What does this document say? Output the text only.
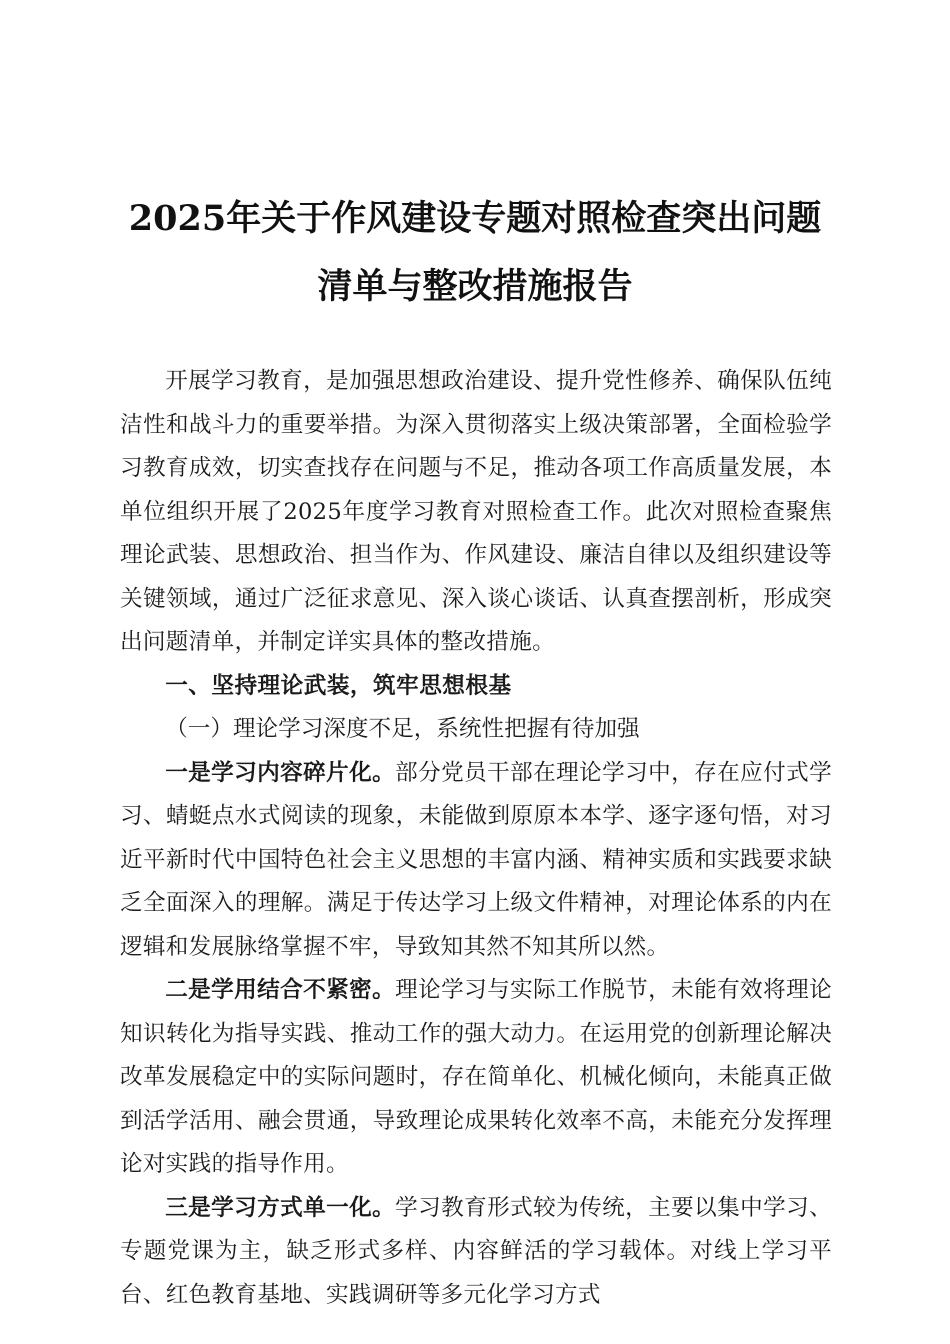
2025年关于作风建设专题对照检查突出问题
清单与整改措施报告

开展学习教育，是加强思想政治建设、提升党性修养、确保队伍纯洁性和战斗力的重要举措。为深入贯彻落实上级决策部署，全面检验学习教育成效，切实查找存在问题与不足，推动各项工作高质量发展，本单位组织开展了2025年度学习教育对照检查工作。此次对照检查聚焦理论武装、思想政治、担当作为、作风建设、廉洁自律以及组织建设等关键领域，通过广泛征求意见、深入谈心谈话、认真查摆剖析，形成突出问题清单，并制定详实具体的整改措施。

一、坚持理论武装，筑牢思想根基

（一）理论学习深度不足，系统性把握有待加强

一是学习内容碎片化。部分党员干部在理论学习中，存在应付式学习、蜻蜓点水式阅读的现象，未能做到原原本本学、逐字逐句悟，对习近平新时代中国特色社会主义思想的丰富内涵、精神实质和实践要求缺乏全面深入的理解。满足于传达学习上级文件精神，对理论体系的内在逻辑和发展脉络掌握不牢，导致知其然不知其所以然。

二是学用结合不紧密。理论学习与实际工作脱节，未能有效将理论知识转化为指导实践、推动工作的强大动力。在运用党的创新理论解决改革发展稳定中的实际问题时，存在简单化、机械化倾向，未能真正做到活学活用、融会贯通，导致理论成果转化效率不高，未能充分发挥理论对实践的指导作用。

三是学习方式单一化。学习教育形式较为传统，主要以集中学习、专题党课为主，缺乏形式多样、内容鲜活的学习载体。对线上学习平台、红色教育基地、实践调研等多元化学习方式
